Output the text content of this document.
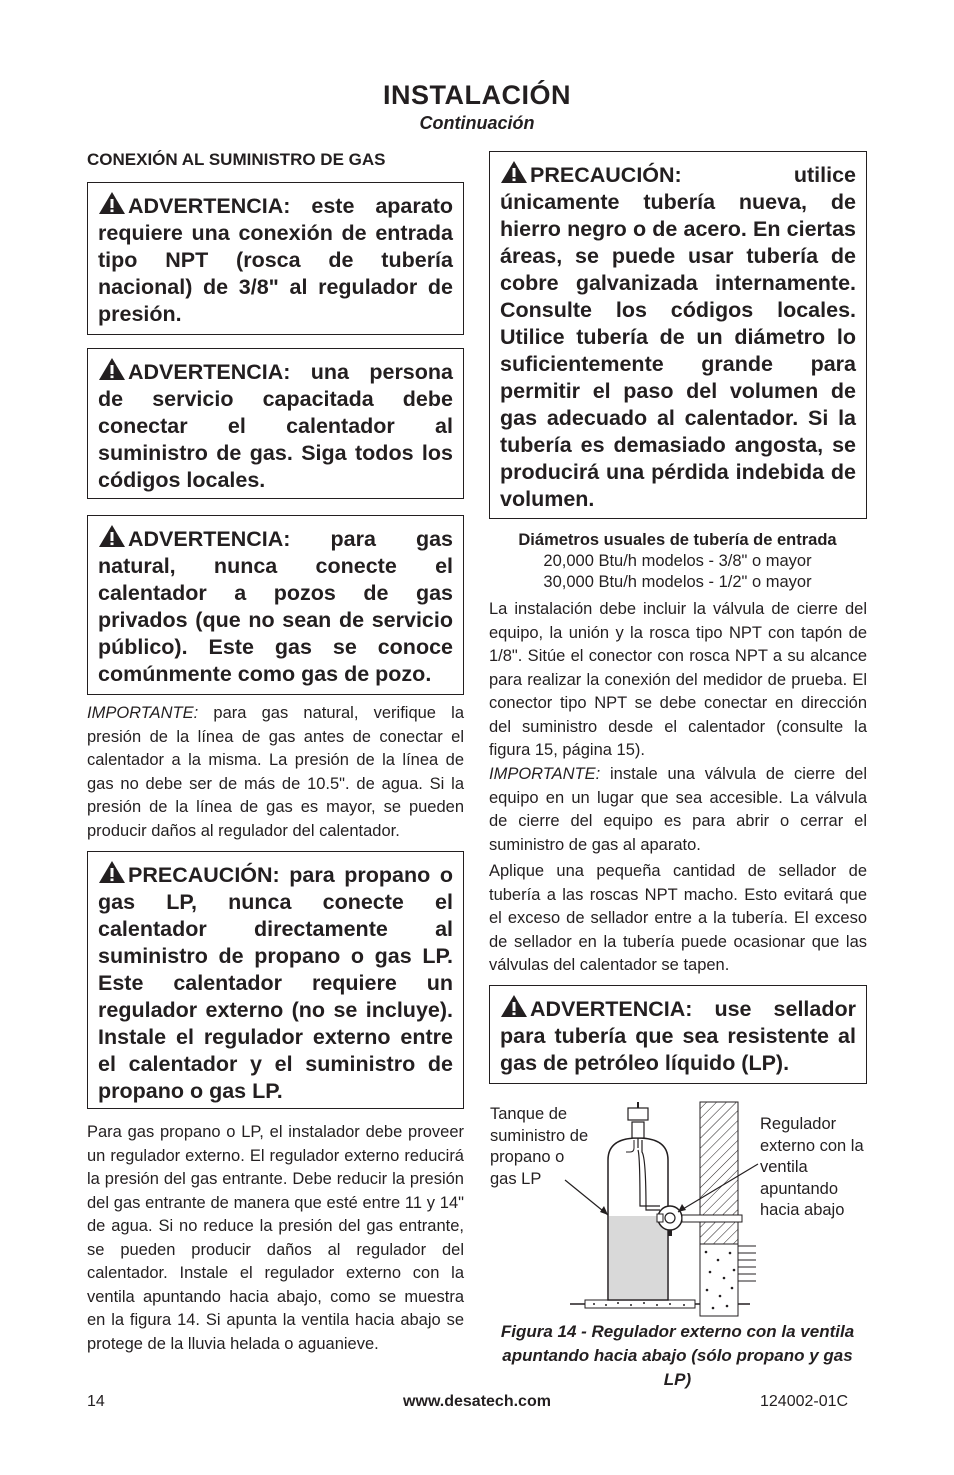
INSTALACIÓN
Continuación
CONEXIÓN AL SUMINISTRO DE GAS
ADVERTENCIA: este aparato requiere una conexión de entrada tipo NPT (rosca de tubería nacional) de 3/8" al regulador de presión.
ADVERTENCIA: una persona de servicio capacitada debe conectar el calentador al suministro de gas. Siga todos los códigos locales.
ADVERTENCIA: para gas natural, nunca conecte el calentador a pozos de gas privados (que no sean de servicio público). Este gas se conoce comúnmente como gas de pozo.
IMPORTANTE: para gas natural, verifique la presión de la línea de gas antes de conectar el calentador a la misma. La presión de la línea de gas no debe ser de más de 10.5". de agua. Si la presión de la línea de gas es mayor, se pueden producir daños al regulador del calentador.
PRECAUCIÓN: para propano o gas LP, nunca conecte el calentador directamente al suministro de propano o gas LP. Este calentador requiere un regulador externo (no se incluye). Instale el regulador externo entre el calentador y el suministro de propano o gas LP.
Para gas propano o LP, el instalador debe proveer un regulador externo. El regulador externo reducirá la presión del gas entrante. Debe reducir la presión del gas entrante de manera que esté entre 11 y 14" de agua. Si no reduce la presión del gas entrante, se pueden producir daños al regulador del calentador. Instale el regulador externo con la ventila apuntando hacia abajo, como se muestra en la figura 14. Si apunta la ventila hacia abajo se protege de la lluvia helada o aguanieve.
PRECAUCIÓN: utilice únicamente tubería nueva, de hierro negro o de acero. En ciertas áreas, se puede usar tubería de cobre galvanizada internamente. Consulte los códigos locales. Utilice tubería de un diámetro lo suficientemente grande para permitir el paso del volumen de gas adecuado al calentador. Si la tubería es demasiado angosta, se producirá una pérdida indebida de volumen.
Diámetros usuales de tubería de entrada
20,000 Btu/h modelos - 3/8" o mayor
30,000 Btu/h modelos - 1/2" o mayor
La instalación debe incluir la válvula de cierre del equipo, la unión y la rosca tipo NPT con tapón de 1/8". Sitúe el conector con rosca NPT a su alcance para realizar la conexión del medidor de prueba. El conector tipo NPT se debe conectar en dirección del suministro desde el calentador (consulte la figura 15, página 15).
IMPORTANTE: instale una válvula de cierre del equipo en un lugar que sea accesible. La válvula de cierre del equipo es para abrir o cerrar el suministro de gas al aparato.
Aplique una pequeña cantidad de sellador de tubería a las roscas NPT macho. Esto evitará que el exceso de sellador entre a la tubería. El exceso de sellador en la tubería puede ocasionar que las válvulas del calentador se tapen.
ADVERTENCIA: use sellador para tubería que sea resistente al gas de petróleo líquido (LP).
Tanque de suministro de propano o gas LP
Regulador externo con la ventila apuntando hacia abajo
Figura 14 - Regulador externo con la ventila apuntando hacia abajo (sólo propano y gas LP)
14	www.desatech.com	124002-01C
